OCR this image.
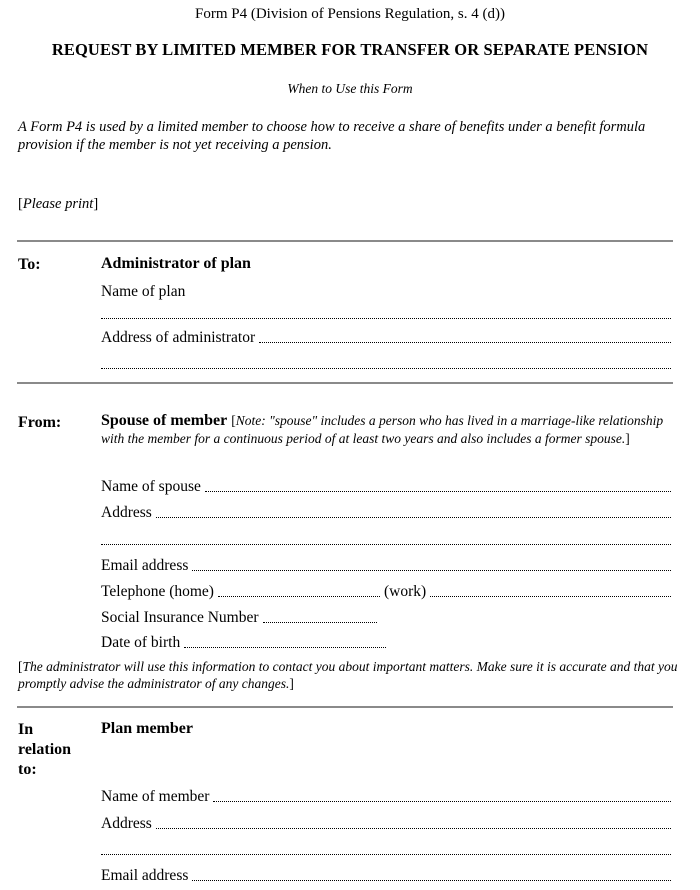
Form P4 (Division of Pensions Regulation, s. 4 (d))
REQUEST BY LIMITED MEMBER FOR TRANSFER OR SEPARATE PENSION
When to Use this Form
A Form P4 is used by a limited member to choose how to receive a share of benefits under a benefit formula provision if the member is not yet receiving a pension.
[Please print]
To:	Administrator of plan
Name of plan
Address of administrator
From: Spouse of member [Note: "spouse" includes a person who has lived in a marriage-like relationship with the member for a continuous period of at least two years and also includes a former spouse.]
Name of spouse
Address
Email address
Telephone (home)	(work)
Social Insurance Number
Date of birth
[The administrator will use this information to contact you about important matters. Make sure it is accurate and that you promptly advise the administrator of any changes.]
In
relation
to:
Plan member
Name of member
Address
Email address
